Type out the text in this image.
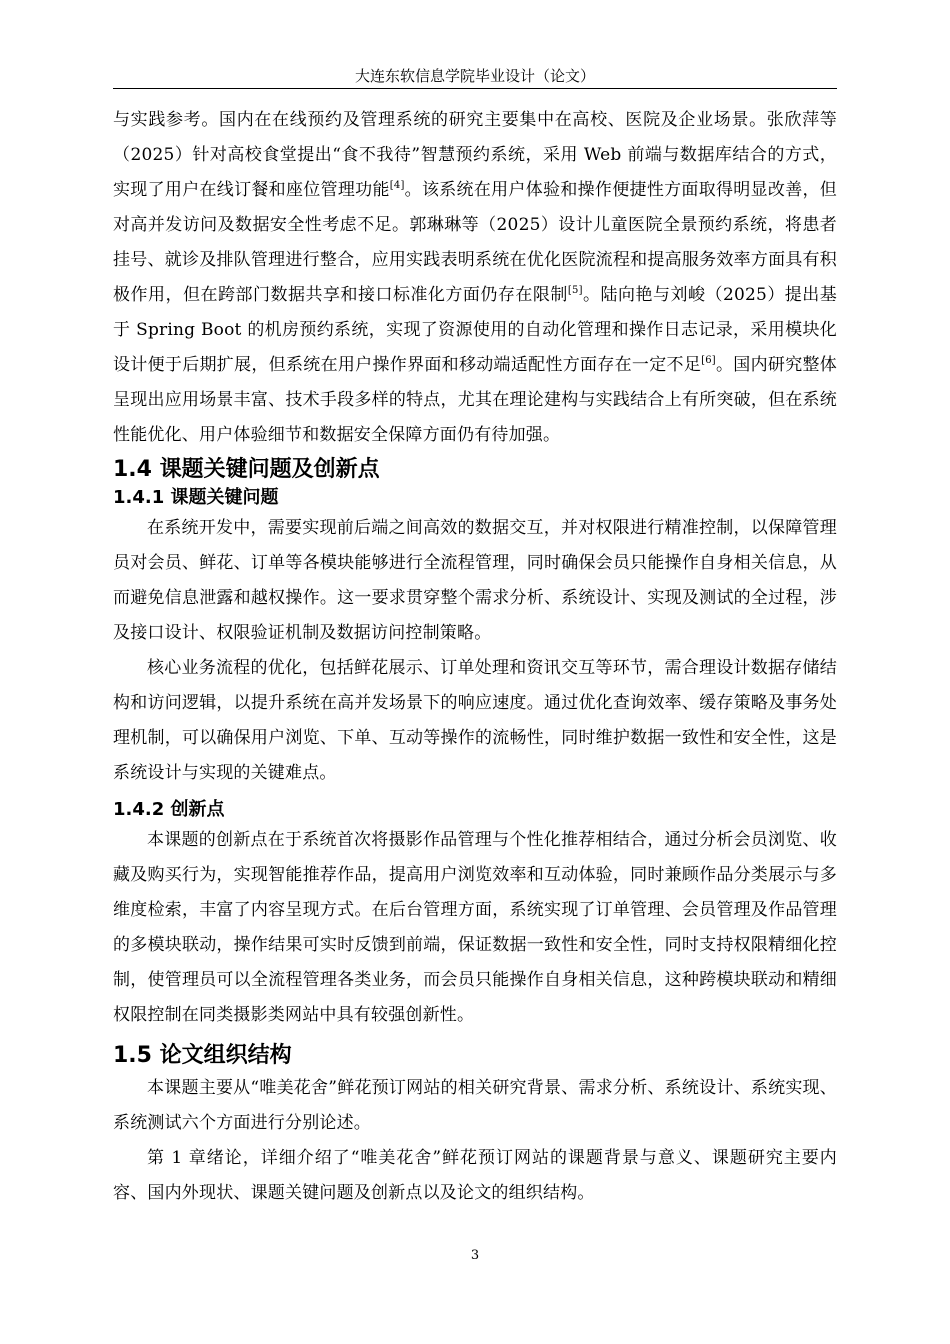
大连东软信息学院毕业设计（论文）

与实践参考。国内在在线预约及管理系统的研究主要集中在高校、医院及企业场景。张欣萍等（2025）针对高校食堂提出“食不我待”智慧预约系统，采用 Web 前端与数据库结合的方式，实现了用户在线订餐和座位管理功能[4]。该系统在用户体验和操作便捷性方面取得明显改善，但对高并发访问及数据安全性考虑不足。郭琳琳等（2025）设计儿童医院全景预约系统，将患者挂号、就诊及排队管理进行整合，应用实践表明系统在优化医院流程和提高服务效率方面具有积极作用，但在跨部门数据共享和接口标准化方面仍存在限制[5]。陆向艳与刘峻（2025）提出基于 Spring Boot 的机房预约系统，实现了资源使用的自动化管理和操作日志记录，采用模块化设计便于后期扩展，但系统在用户操作界面和移动端适配性方面存在一定不足[6]。国内研究整体呈现出应用场景丰富、技术手段多样的特点，尤其在理论建构与实践结合上有所突破，但在系统性能优化、用户体验细节和数据安全保障方面仍有待加强。

1.4 课题关键问题及创新点
1.4.1 课题关键问题

在系统开发中，需要实现前后端之间高效的数据交互，并对权限进行精准控制，以保障管理员对会员、鲜花、订单等各模块能够进行全流程管理，同时确保会员只能操作自身相关信息，从而避免信息泄露和越权操作。这一要求贯穿整个需求分析、系统设计、实现及测试的全过程，涉及接口设计、权限验证机制及数据访问控制策略。

核心业务流程的优化，包括鲜花展示、订单处理和资讯交互等环节，需合理设计数据存储结构和访问逻辑，以提升系统在高并发场景下的响应速度。通过优化查询效率、缓存策略及事务处理机制，可以确保用户浏览、下单、互动等操作的流畅性，同时维护数据一致性和安全性，这是系统设计与实现的关键难点。

1.4.2 创新点

本课题的创新点在于系统首次将摄影作品管理与个性化推荐相结合，通过分析会员浏览、收藏及购买行为，实现智能推荐作品，提高用户浏览效率和互动体验，同时兼顾作品分类展示与多维度检索，丰富了内容呈现方式。在后台管理方面，系统实现了订单管理、会员管理及作品管理的多模块联动，操作结果可实时反馈到前端，保证数据一致性和安全性，同时支持权限精细化控制，使管理员可以全流程管理各类业务，而会员只能操作自身相关信息，这种跨模块联动和精细权限控制在同类摄影类网站中具有较强创新性。

1.5 论文组织结构

本课题主要从“唯美花舍”鲜花预订网站的相关研究背景、需求分析、系统设计、系统实现、系统测试六个方面进行分别论述。

第 1 章绪论，详细介绍了“唯美花舍”鲜花预订网站的课题背景与意义、课题研究主要内容、国内外现状、课题关键问题及创新点以及论文的组织结构。

3
